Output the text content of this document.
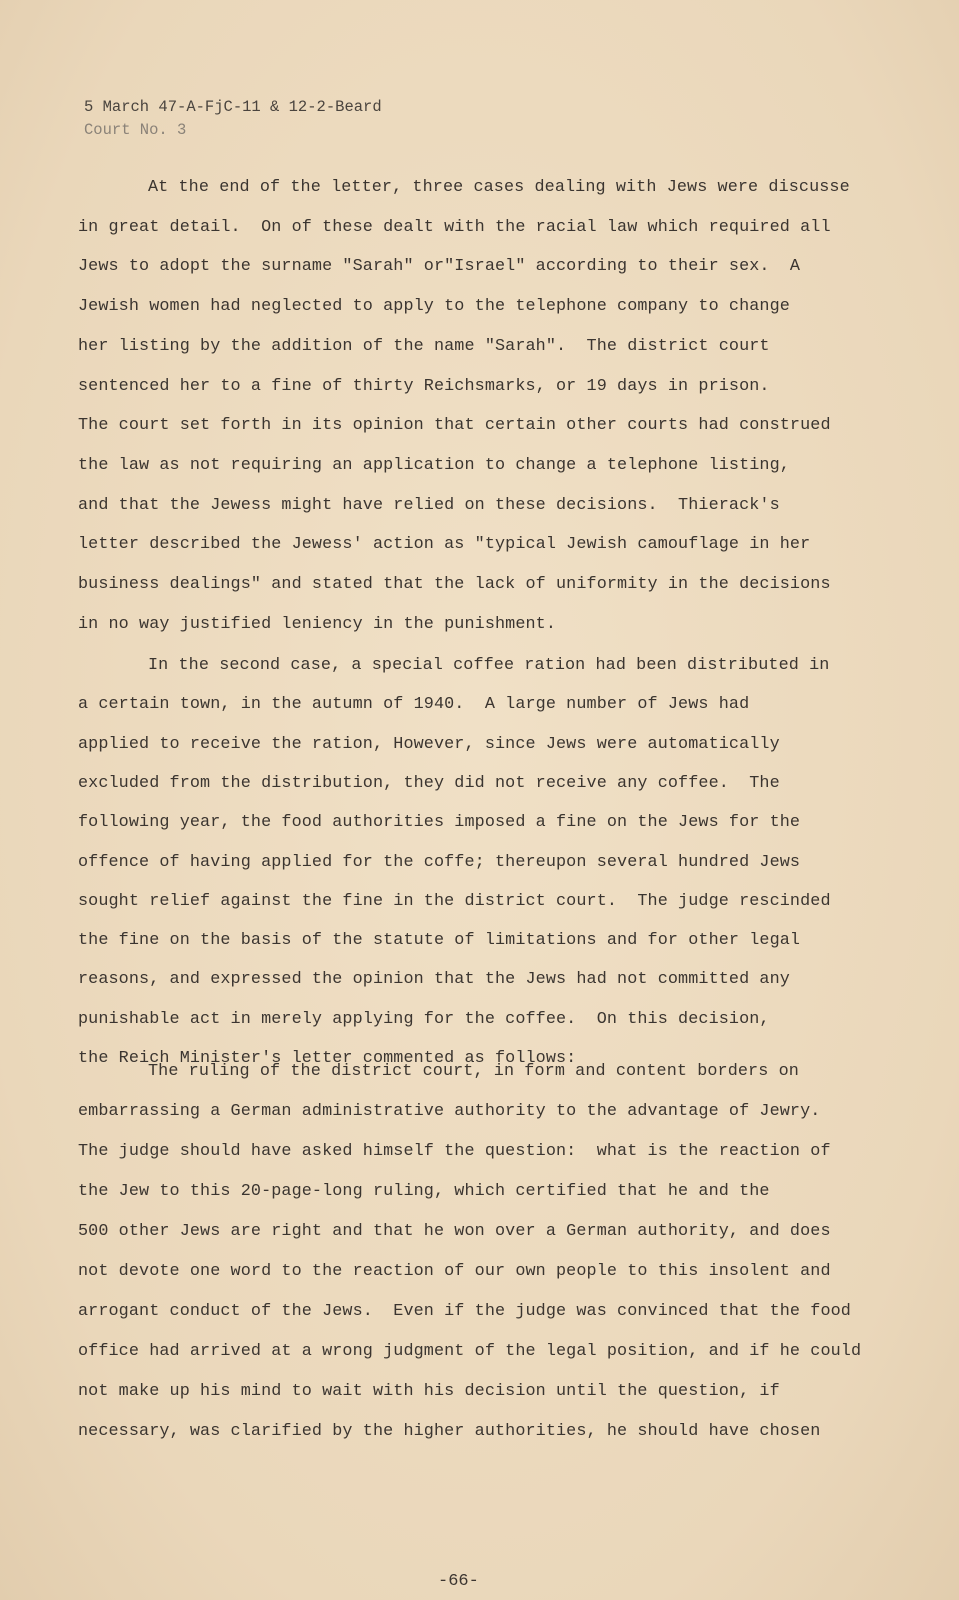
5 March 47-A-FjC-11 & 12-2-Beard
Court No. 3
At the end of the letter, three cases dealing with Jews were discusse
in great detail.  On of these dealt with the racial law which required all
Jews to adopt the surname "Sarah" or"Israel" according to their sex.  A
Jewish women had neglected to apply to the telephone company to change
her listing by the addition of the name "Sarah".  The district court
sentenced her to a fine of thirty Reichsmarks, or 19 days in prison.
The court set forth in its opinion that certain other courts had construed
the law as not requiring an application to change a telephone listing,
and that the Jewess might have relied on these decisions.  Thierack's
letter described the Jewess' action as "typical Jewish camouflage in her
business dealings" and stated that the lack of uniformity in the decisions
in no way justified leniency in the punishment.
In the second case, a special coffee ration had been distributed in
a certain town, in the autumn of 1940.  A large number of Jews had
applied to receive the ration, However, since Jews were automatically
excluded from the distribution, they did not receive any coffee.  The
following year, the food authorities imposed a fine on the Jews for the
offence of having applied for the coffe; thereupon several hundred Jews
sought relief against the fine in the district court.  The judge rescinded
the fine on the basis of the statute of limitations and for other legal
reasons, and expressed the opinion that the Jews had not committed any
punishable act in merely applying for the coffee.  On this decision,
the Reich Minister's letter commented as follows:
The ruling of the district court, in form and content borders on
embarrassing a German administrative authority to the advantage of Jewry.
The judge should have asked himself the question:  what is the reaction of
the Jew to this 20-page-long ruling, which certified that he and the
500 other Jews are right and that he won over a German authority, and does
not devote one word to the reaction of our own people to this insolent and
arrogant conduct of the Jews.  Even if the judge was convinced that the food
office had arrived at a wrong judgment of the legal position, and if he could
not make up his mind to wait with his decision until the question, if
necessary, was clarified by the higher authorities, he should have chosen
-66-
